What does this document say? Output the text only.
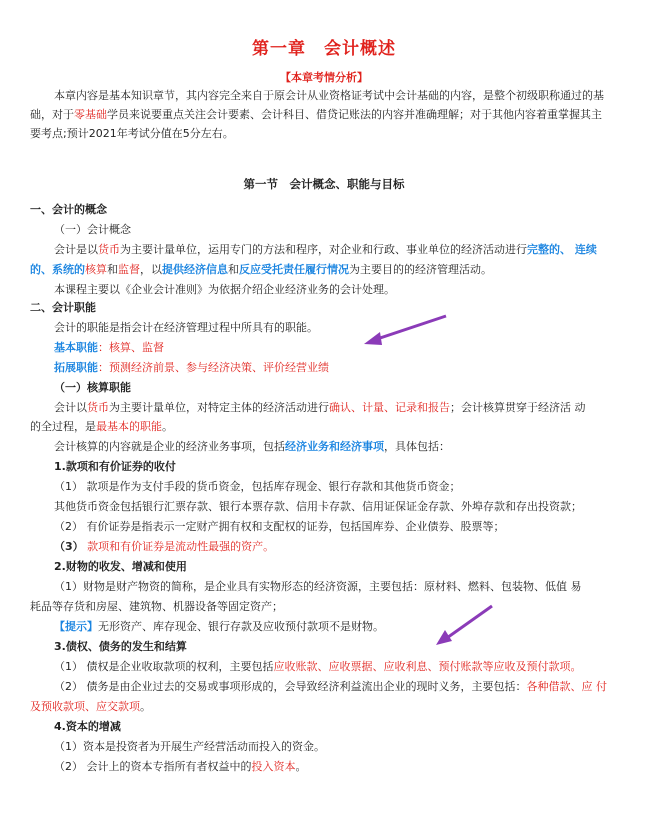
第一章　会计概述
【本章考情分析】
本章内容是基本知识章节，其内容完全来自于原会计从业资格证考试中会计基础的内容，是整个初级职称通过的基
础，对于零基础学员来说要重点关注会计要素、会计科目、借贷记账法的内容并准确理解；对于其他内容着重掌握其主
要考点;预计2021年考试分值在5分左右。
第一节　会计概念、职能与目标
一、会计的概念
（一）会计概念
会计是以货币为主要计量单位，运用专门的方法和程序，对企业和行政、事业单位的经济活动进行完整的、 连续
的、系统的核算和监督，以提供经济信息和反应受托责任履行情况为主要目的的经济管理活动。
本课程主要以《企业会计准则》为依据介绍企业经济业务的会计处理。
二、会计职能
会计的职能是指会计在经济管理过程中所具有的职能。
基本职能：核算、监督
拓展职能：预测经济前景、参与经济决策、评价经营业绩
（一）核算职能
会计以货币为主要计量单位，对特定主体的经济活动进行确认、计量、记录和报告；会计核算贯穿于经济活 动
的全过程，是最基本的职能。
会计核算的内容就是企业的经济业务事项，包括经济业务和经济事项，具体包括：
1.款项和有价证券的收付
（1） 款项是作为支付手段的货币资金，包括库存现金、银行存款和其他货币资金；
其他货币资金包括银行汇票存款、银行本票存款、信用卡存款、信用证保证金存款、外埠存款和存出投资款；
（2） 有价证券是指表示一定财产拥有权和支配权的证券，包括国库券、企业债券、股票等；
（3） 款项和有价证券是流动性最强的资产。
2.财物的收发、增减和使用
（1）财物是财产物资的简称，是企业具有实物形态的经济资源，主要包括：原材料、燃料、包装物、低值 易
耗品等存货和房屋、建筑物、机器设备等固定资产；
【提示】无形资产、库存现金、银行存款及应收预付款项不是财物。
3.债权、债务的发生和结算
（1） 债权是企业收取款项的权利，主要包括应收账款、应收票据、应收利息、预付账款等应收及预付款项。
（2） 债务是由企业过去的交易或事项形成的，会导致经济利益流出企业的现时义务，主要包括：各种借款、应 付
及预收款项、应交款项。
4.资本的增减
（1）资本是投资者为开展生产经营活动而投入的资金。
（2） 会计上的资本专指所有者权益中的投入资本。
